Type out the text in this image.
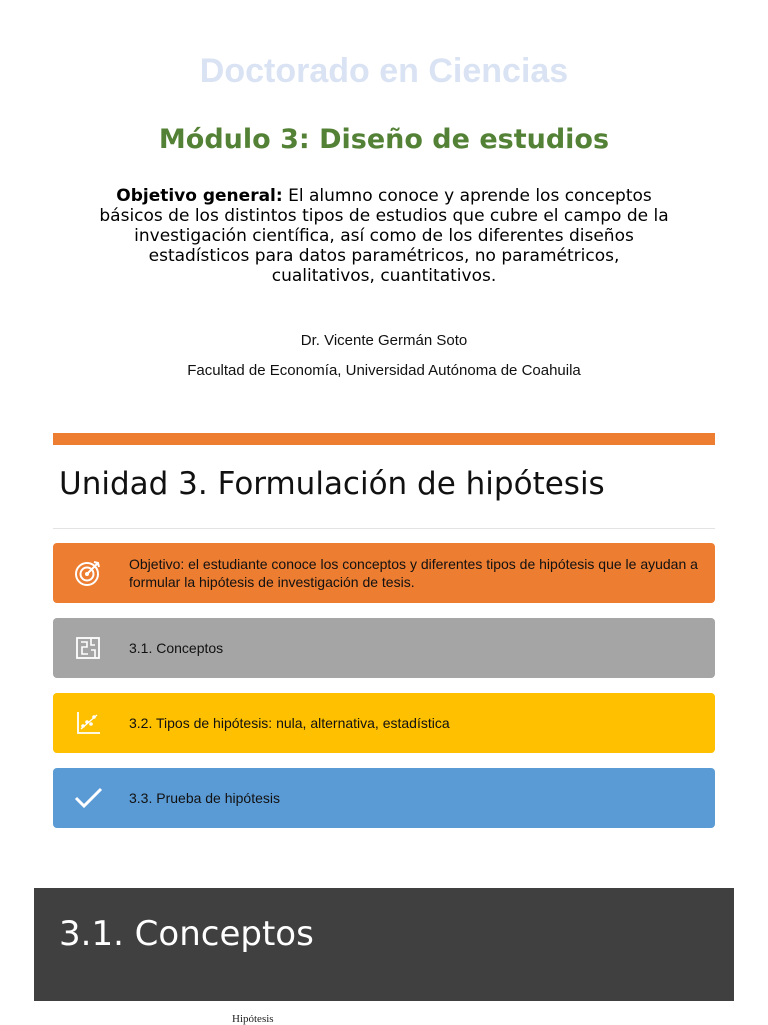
Doctorado en Ciencias
Módulo 3: Diseño de estudios
Objetivo general: El alumno conoce y aprende los conceptos básicos de los distintos tipos de estudios que cubre el campo de la investigación científica, así como de los diferentes diseños estadísticos para datos paramétricos, no paramétricos, cualitativos, cuantitativos.
Dr. Vicente Germán Soto
Facultad de Economía, Universidad Autónoma de Coahuila
Unidad 3. Formulación de hipótesis
Objetivo: el estudiante conoce los conceptos y diferentes tipos de hipótesis que le ayudan a formular la hipótesis de investigación de tesis.
3.1. Conceptos
3.2. Tipos de hipótesis: nula, alternativa, estadística
3.3. Prueba de hipótesis
3.1. Conceptos
Hipótesis
